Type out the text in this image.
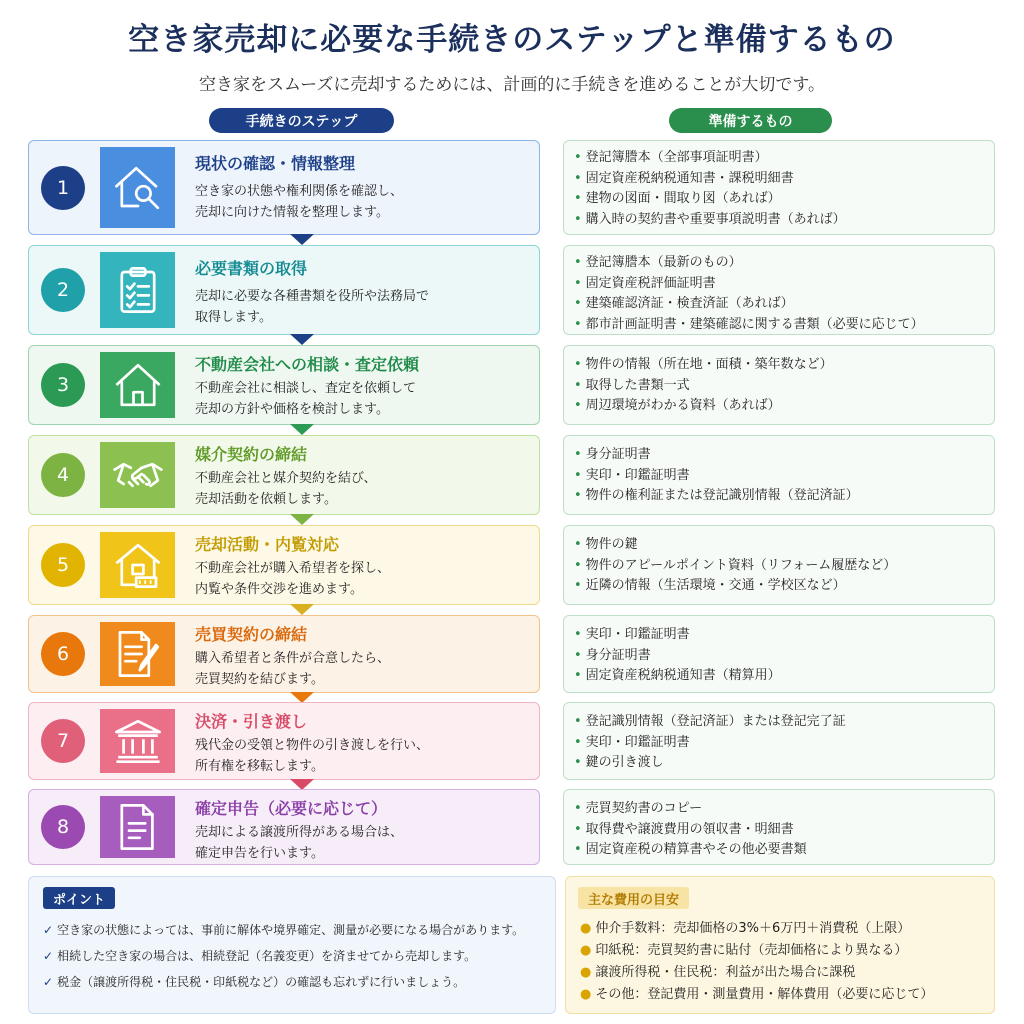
空き家売却に必要な手続きのステップと準備するもの
空き家をスムーズに売却するためには、計画的に手続きを進めることが大切です。
手続きのステップ	準備するもの
1
現状の確認・情報整理
空き家の状態や権利関係を確認し、
売却に向けた情報を整理します。
2
必要書類の取得
売却に必要な各種書類を役所や法務局で
取得します。
3
不動産会社への相談・査定依頼
不動産会社に相談し、査定を依頼して
売却の方針や価格を検討します。
4
媒介契約の締結
不動産会社と媒介契約を結び、
売却活動を依頼します。
5
売却活動・内覧対応
不動産会社が購入希望者を探し、
内覧や条件交渉を進めます。
6
売買契約の締結
購入希望者と条件が合意したら、
売買契約を結びます。
7
決済・引き渡し
残代金の受領と物件の引き渡しを行い、
所有権を移転します。
8
確定申告（必要に応じて）
売却による譲渡所得がある場合は、
確定申告を行います。
• 登記簿謄本（全部事項証明書）
• 固定資産税納税通知書・課税明細書
• 建物の図面・間取り図（あれば）
• 購入時の契約書や重要事項説明書（あれば）
• 登記簿謄本（最新のもの）
• 固定資産税評価証明書
• 建築確認済証・検査済証（あれば）
• 都市計画証明書・建築確認に関する書類（必要に応じて）
• 物件の情報（所在地・面積・築年数など）
• 取得した書類一式
• 周辺環境がわかる資料（あれば）
• 身分証明書
• 実印・印鑑証明書
• 物件の権利証または登記識別情報（登記済証）
• 物件の鍵
• 物件のアピールポイント資料（リフォーム履歴など）
• 近隣の情報（生活環境・交通・学校区など）
• 実印・印鑑証明書
• 身分証明書
• 固定資産税納税通知書（精算用）
• 登記識別情報（登記済証）または登記完了証
• 実印・印鑑証明書
• 鍵の引き渡し
• 売買契約書のコピー
• 取得費や譲渡費用の領収書・明細書
• 固定資産税の精算書やその他必要書類
ポイント
✓ 空き家の状態によっては、事前に解体や境界確定、測量が必要になる場合があります。
✓ 相続した空き家の場合は、相続登記（名義変更）を済ませてから売却します。
✓ 税金（譲渡所得税・住民税・印紙税など）の確認も忘れずに行いましょう。
主な費用の目安
● 仲介手数料：売却価格の3%＋6万円＋消費税（上限）
● 印紙税：売買契約書に貼付（売却価格により異なる）
● 譲渡所得税・住民税：利益が出た場合に課税
● その他：登記費用・測量費用・解体費用（必要に応じて）
